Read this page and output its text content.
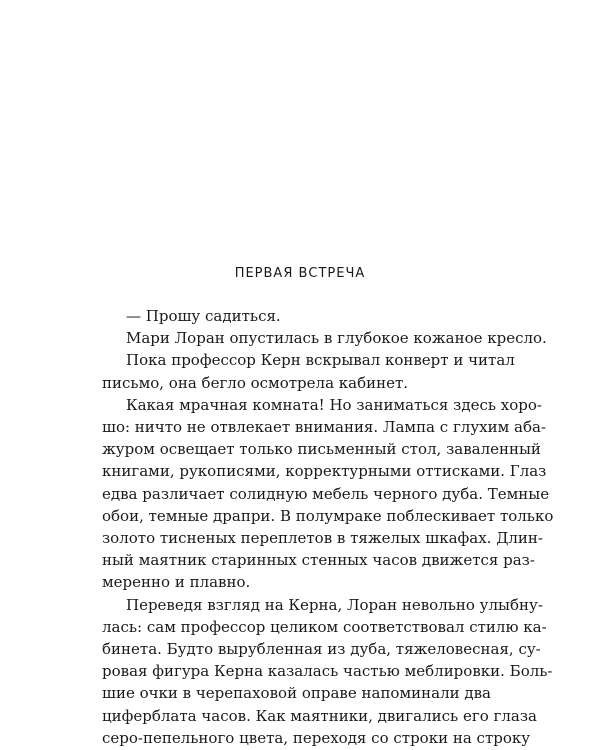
ПЕРВАЯ ВСТРЕЧА

— Прошу садиться.

Мари Лоран опустилась в глубокое кожаное кресло.

Пока профессор Керн вскрывал конверт и читал
письмо, она бегло осмотрела кабинет.

Какая мрачная комната! Но заниматься здесь хоро-
шо: ничто не отвлекает внимания. Лампа с глухим аба-
журом освещает только письменный стол, заваленный
книгами, рукописями, корректурными оттисками. Глаз
едва различает солидную мебель черного дуба. Темные
обои, темные драпри. В полумраке поблескивает только
золото тисненых переплетов в тяжелых шкафах. Длин-
ный маятник старинных стенных часов движется раз-
меренно и плавно.

Переведя взгляд на Керна, Лоран невольно улыбну-
лась: сам профессор целиком соответствовал стилю ка-
бинета. Будто вырубленная из дуба, тяжеловесная, су-
ровая фигура Керна казалась частью меблировки. Боль-
шие очки в черепаховой оправе напоминали два
циферблата часов. Как маятники, двигались его глаза
серо-пепельного цвета, переходя со строки на строку
